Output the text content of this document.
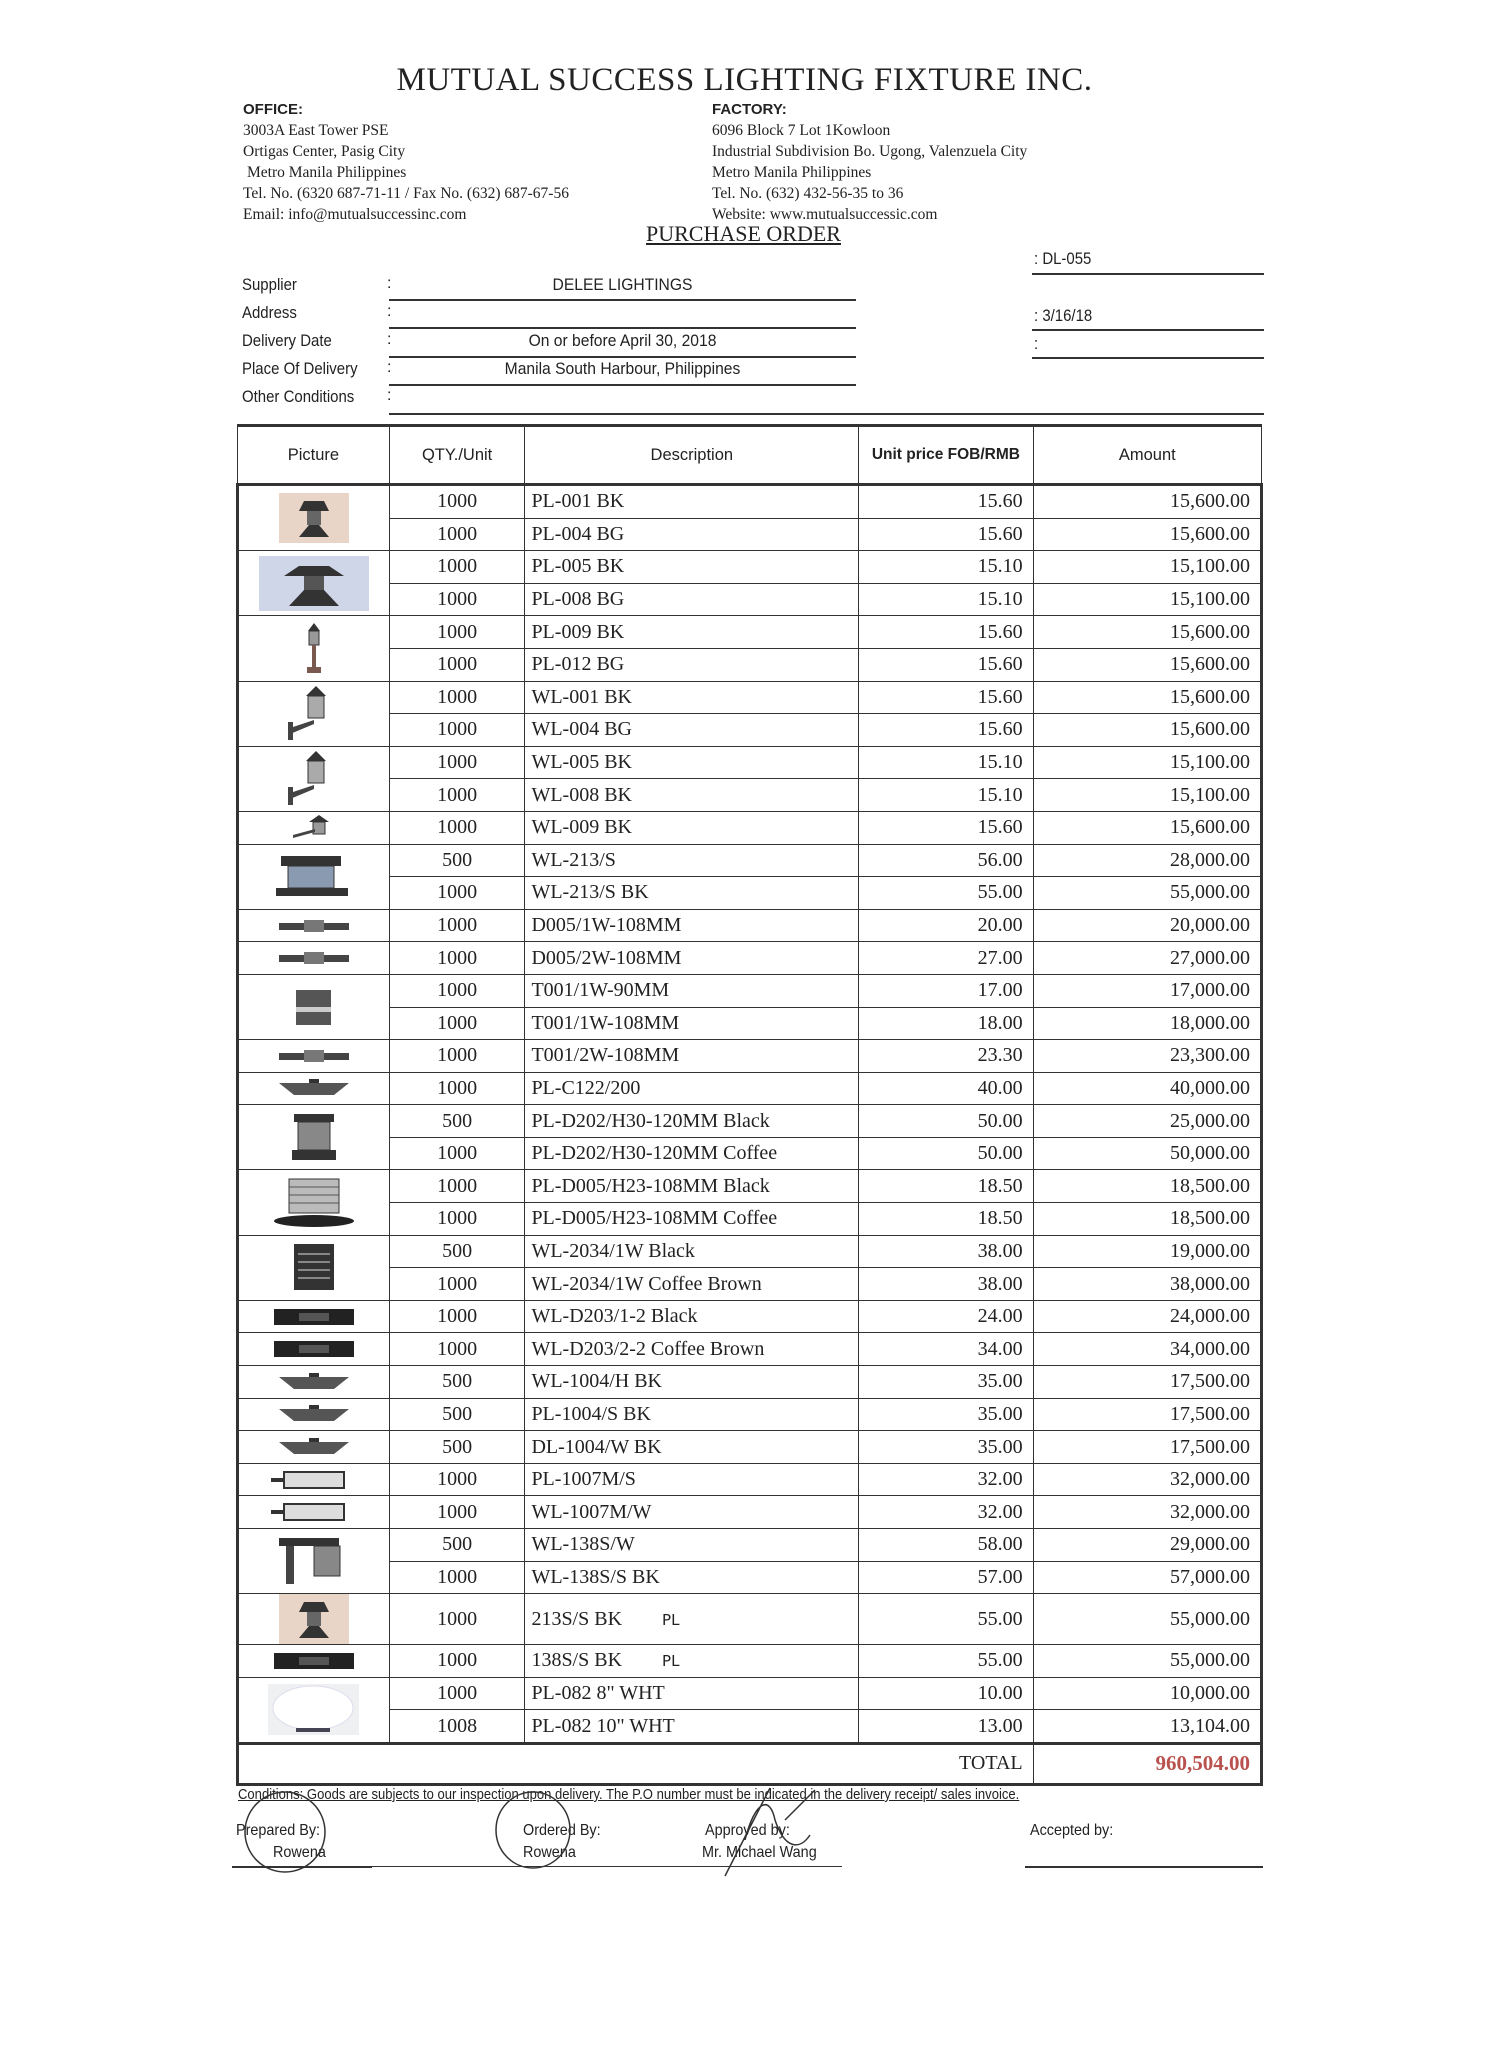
MUTUAL SUCCESS LIGHTING FIXTURE INC.
OFFICE:
3003A East Tower PSE
Ortigas Center, Pasig City
Metro Manila Philippines
Tel. No. (6320 687-71-11 / Fax No. (632) 687-67-56
Email: info@mutualsuccessinc.com
FACTORY:
6096 Block 7 Lot 1Kowloon
Industrial Subdivision Bo. Ugong, Valenzuela City
Metro Manila Philippines
Tel. No. (632) 432-56-35 to 36
Website: www.mutualsuccessic.com
PURCHASE ORDER
: DL-055
: 3/16/18
:
Supplier	:	DELEE LIGHTINGS
Address	:
Delivery Date	:	On or before April 30, 2018
Place Of Delivery :	Manila South Harbour, Philippines
Other Conditions :
Picture	QTY./Unit	Description	Unit price FOB/RMB	Amount

	1000	PL-001 BK	15.60	15,600.00
	1000	PL-004 BG	15.60	15,600.00

	1000	PL-005 BK	15.10	15,100.00
	1000	PL-008 BG	15.10	15,100.00

	1000	PL-009 BK	15.60	15,600.00
	1000	PL-012 BG	15.60	15,600.00

	1000	WL-001 BK	15.60	15,600.00
	1000	WL-004 BG	15.60	15,600.00

	1000	WL-005 BK	15.10	15,100.00
	1000	WL-008 BK	15.10	15,100.00

	1000	WL-009 BK	15.60	15,600.00

	500	WL-213/S	56.00	28,000.00
	1000	WL-213/S BK	55.00	55,000.00

	1000	D005/1W-108MM	20.00	20,000.00

	1000	D005/2W-108MM	27.00	27,000.00

	1000	T001/1W-90MM	17.00	17,000.00
	1000	T001/1W-108MM	18.00	18,000.00

	1000	T001/2W-108MM	23.30	23,300.00

	1000	PL-C122/200	40.00	40,000.00

	500	PL-D202/H30-120MM Black	50.00	25,000.00
	1000	PL-D202/H30-120MM Coffee	50.00	50,000.00

	1000	PL-D005/H23-108MM Black	18.50	18,500.00
	1000	PL-D005/H23-108MM Coffee	18.50	18,500.00

	500	WL-2034/1W Black	38.00	19,000.00
	1000	WL-2034/1W Coffee Brown	38.00	38,000.00

	1000	WL-D203/1-2 Black	24.00	24,000.00

	1000	WL-D203/2-2 Coffee Brown	34.00	34,000.00

	500	WL-1004/H BK	35.00	17,500.00

	500	PL-1004/S BK	35.00	17,500.00

	500	DL-1004/W BK	35.00	17,500.00

	1000	PL-1007M/S	32.00	32,000.00

	1000	WL-1007M/W	32.00	32,000.00

	500	WL-138S/W	58.00	29,000.00
	1000	WL-138S/S BK	57.00	57,000.00

	1000	213S/S BK PL	55.00	55,000.00

	1000	138S/S BK PL	55.00	55,000.00

	1000	PL-082 8" WHT	10.00	10,000.00
	1008	PL-082 10" WHT	13.00	13,104.00
TOTAL				960,504.00
Conditions: Goods are subjects to our inspection upon delivery. The P.O number must be indicated in the delivery receipt/ sales invoice.
Prepared By:
Rowena
Ordered By:
Rowena
Approved by:
Mr. Michael Wang
Accepted by:
